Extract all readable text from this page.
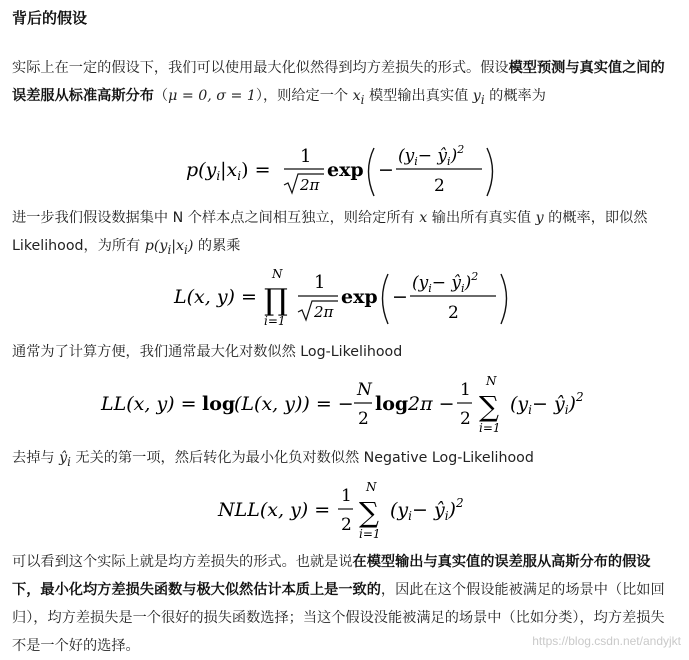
背后的假设
实际上在一定的假设下，我们可以使用最大化似然得到均方差损失的形式。假设模型预测与真实值之间的误差服从标准高斯分布（μ = 0, σ = 1），则给定一个 $x_i$ 模型输出真实值 $y_i$ 的概率为
$p(y_i|x_i)$ =
1
2π
exp −
($y_i-$ $ŷ_i)^2$
2
进一步我们假设数据集中 N 个样本点之间相互独立，则给定所有 x 输出所有真实值 y 的概率，即似然 Likelihood，为所有 $p(y_i|x_i)$ 的累乘
L(x, y) = ∏
N
i=1
1
2π
exp −
($y_i-$ $ŷ_i)^2$
2
通常为了计算方便，我们通常最大化对数似然 Log-Likelihood
LL(x, y) = log
(L(x, y)) = −
N
2
log 2π −
1
2 ∑
N
i=1
($y_i-$ $ŷ_i)^2$
去掉与 $ŷ_i$ 无关的第一项，然后转化为最小化负对数似然 Negative Log-Likelihood
NLL(x, y) =
1
2 ∑
N
i=1
($y_i-$ $ŷ_i)^2$
可以看到这个实际上就是均方差损失的形式。也就是说在模型输出与真实值的误差服从高斯分布的假设下，最小化均方差损失函数与极大似然估计本质上是一致的，因此在这个假设能被满足的场景中（比如回归），均方差损失是一个很好的损失函数选择；当这个假设没能被满足的场景中（比如分类），均方差损失不是一个好的选择。	https://blog.csdn.net/andyjkt
